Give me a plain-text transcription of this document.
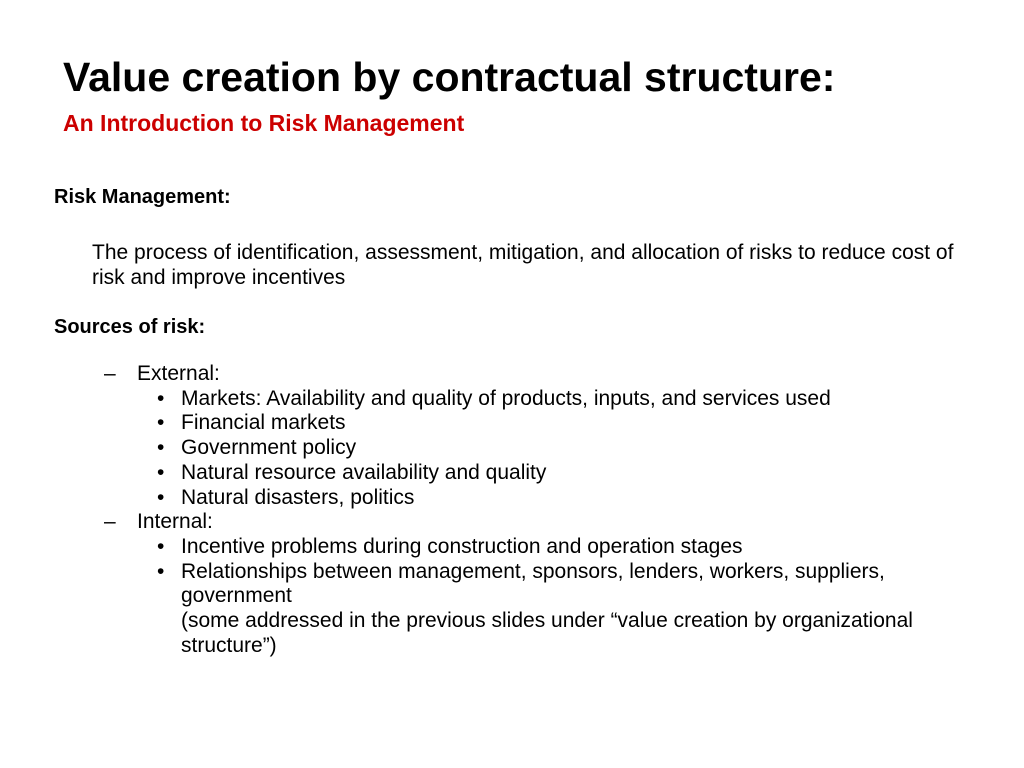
Value creation by contractual structure:
An Introduction to Risk Management
Risk Management:

The process of identification, assessment, mitigation, and allocation of risks to reduce cost of risk and improve incentives

Sources of risk:
–	External:
• Markets: Availability and quality of products, inputs, and services used
• Financial markets
• Government policy
• Natural resource availability and quality
• Natural disasters, politics
–	Internal:
• Incentive problems during construction and operation stages
• Relationships between management, sponsors, lenders, workers, suppliers, government
(some addressed in the previous slides under “value creation by organizational structure”)
